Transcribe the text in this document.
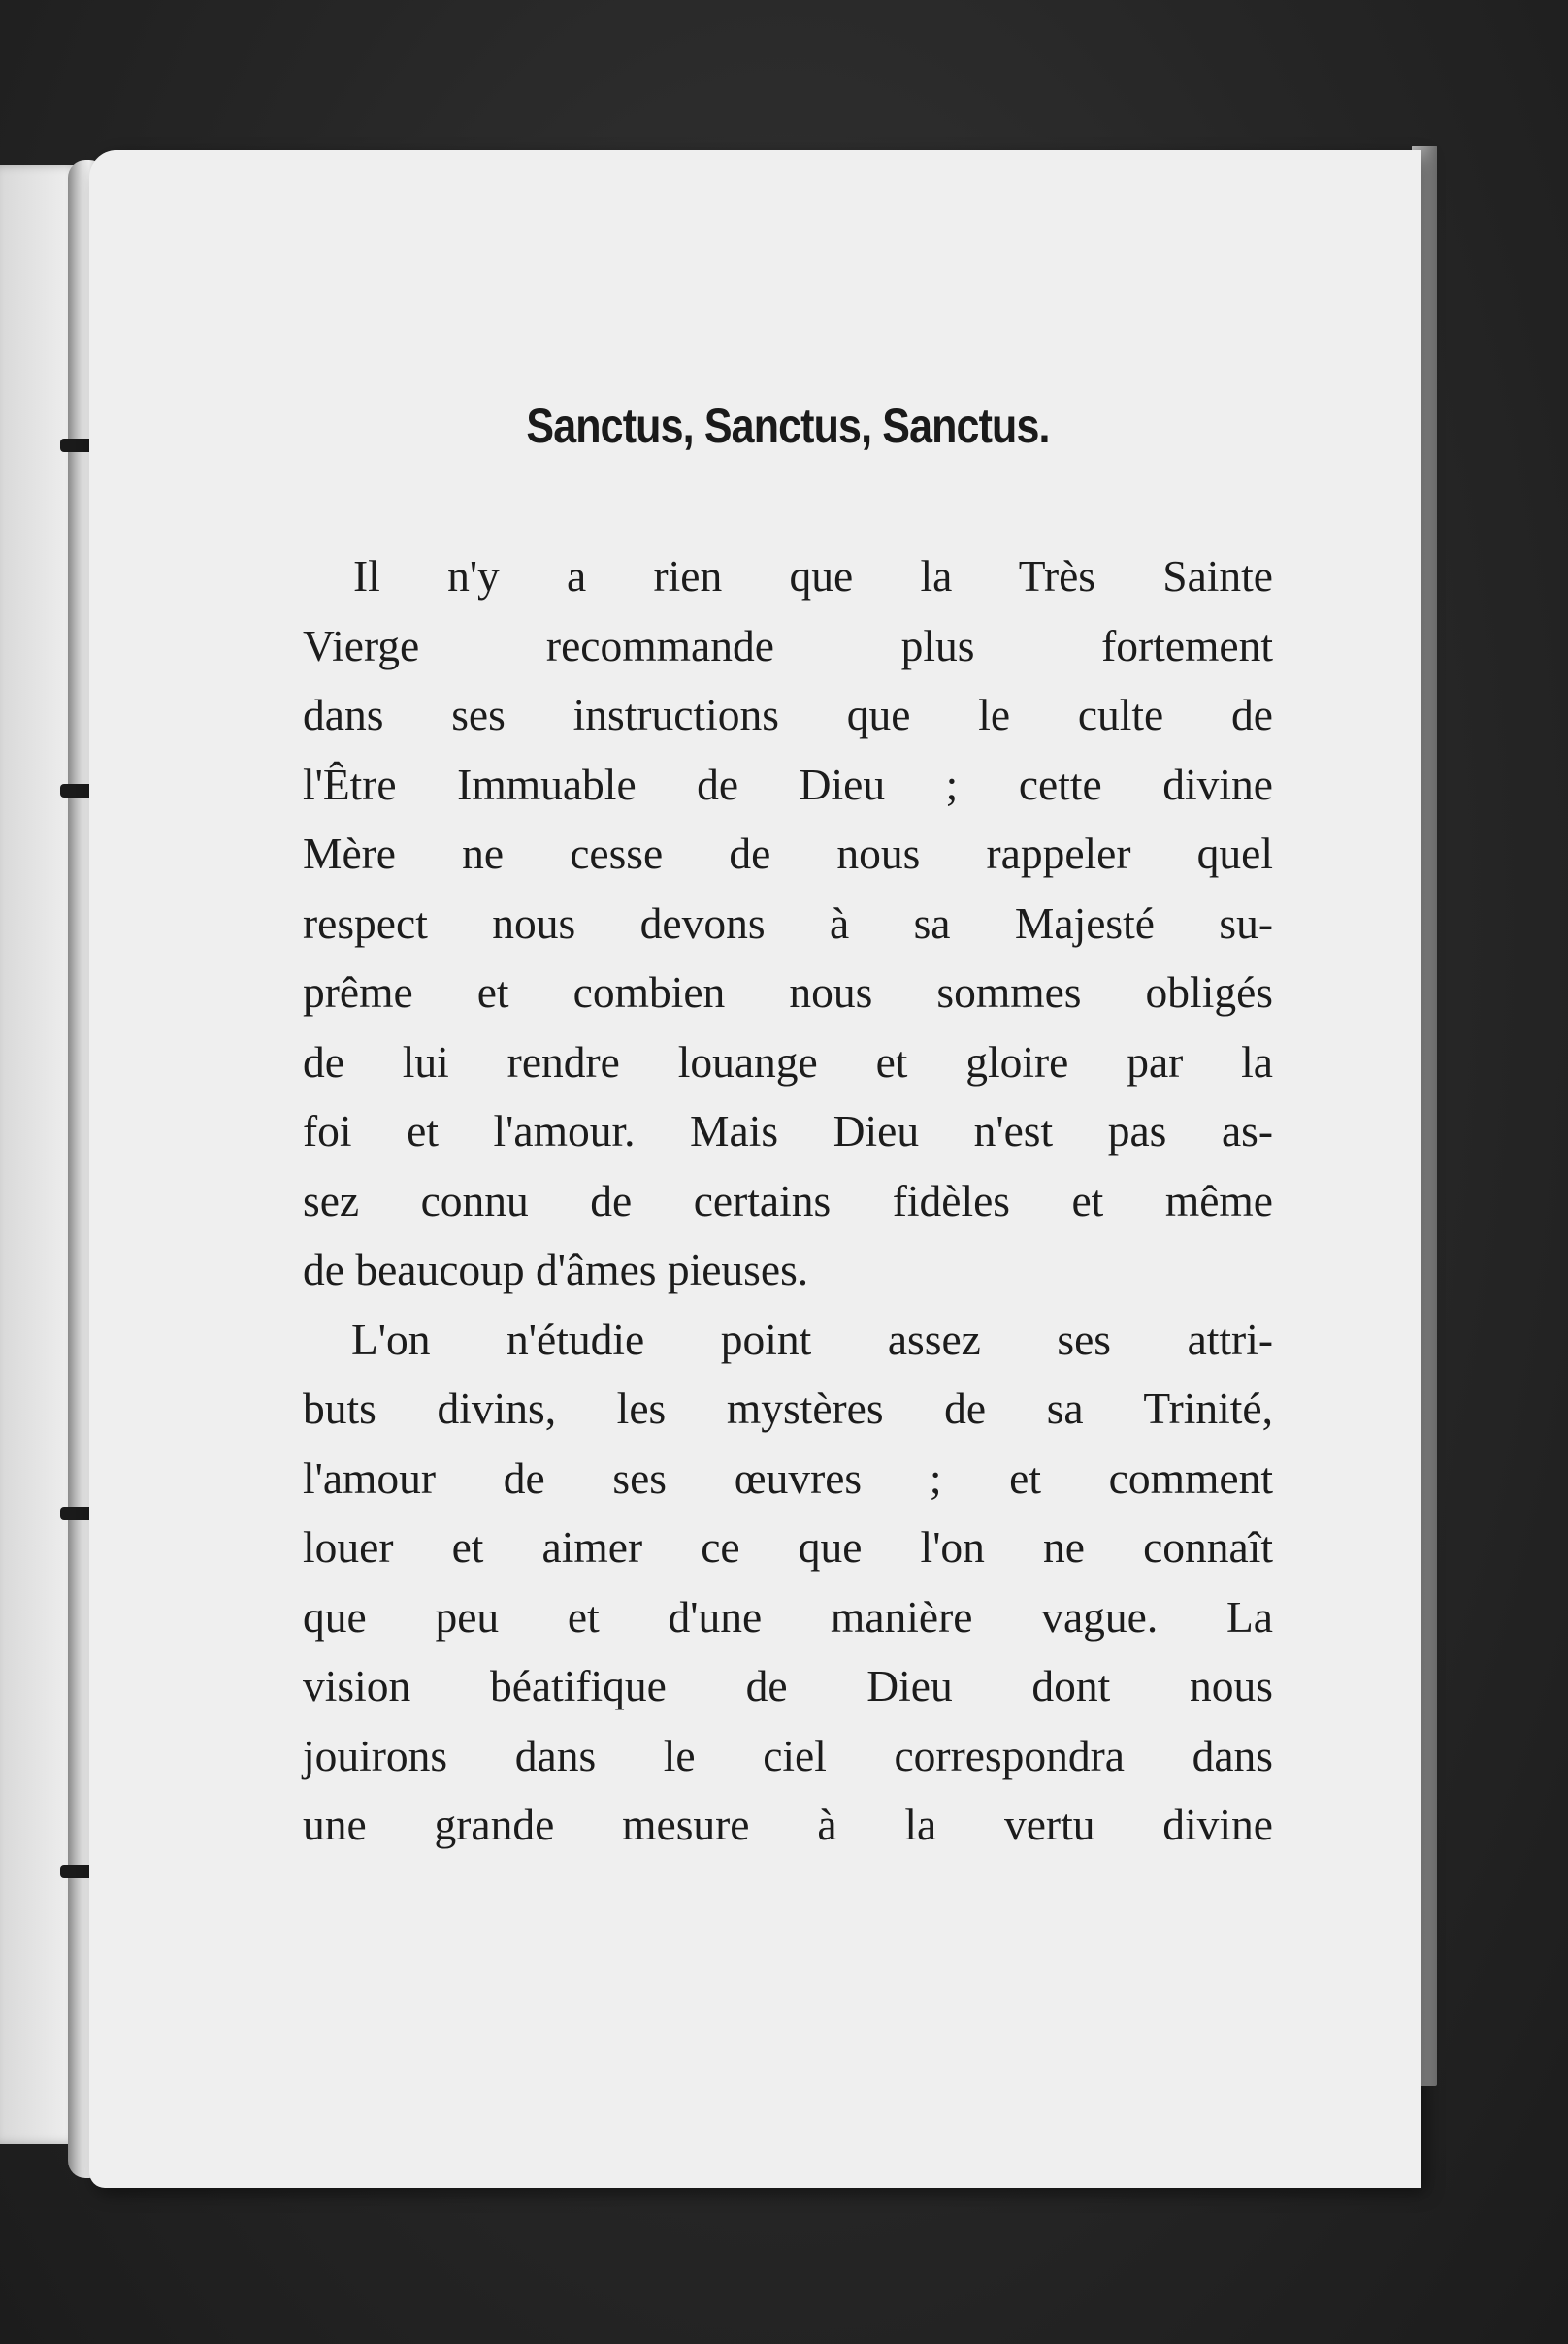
Sanctus, Sanctus, Sanctus.

Il n'y a rien que la Très Sainte
Vierge recommande plus fortement
dans ses instructions que le culte de
l'Être Immuable de Dieu ; cette divine
Mère ne cesse de nous rappeler quel
respect nous devons à sa Majesté su-
prême et combien nous sommes obligés
de lui rendre louange et gloire par la
foi et l'amour. Mais Dieu n'est pas as-
sez connu de certains fidèles et même
de beaucoup d'âmes pieuses.

L'on n'étudie point assez ses attri-
buts divins, les mystères de sa Trinité,
l'amour de ses œuvres ; et comment
louer et aimer ce que l'on ne connaît
que peu et d'une manière vague. La
vision béatifique de Dieu dont nous
jouirons dans le ciel correspondra dans
une grande mesure à la vertu divine
